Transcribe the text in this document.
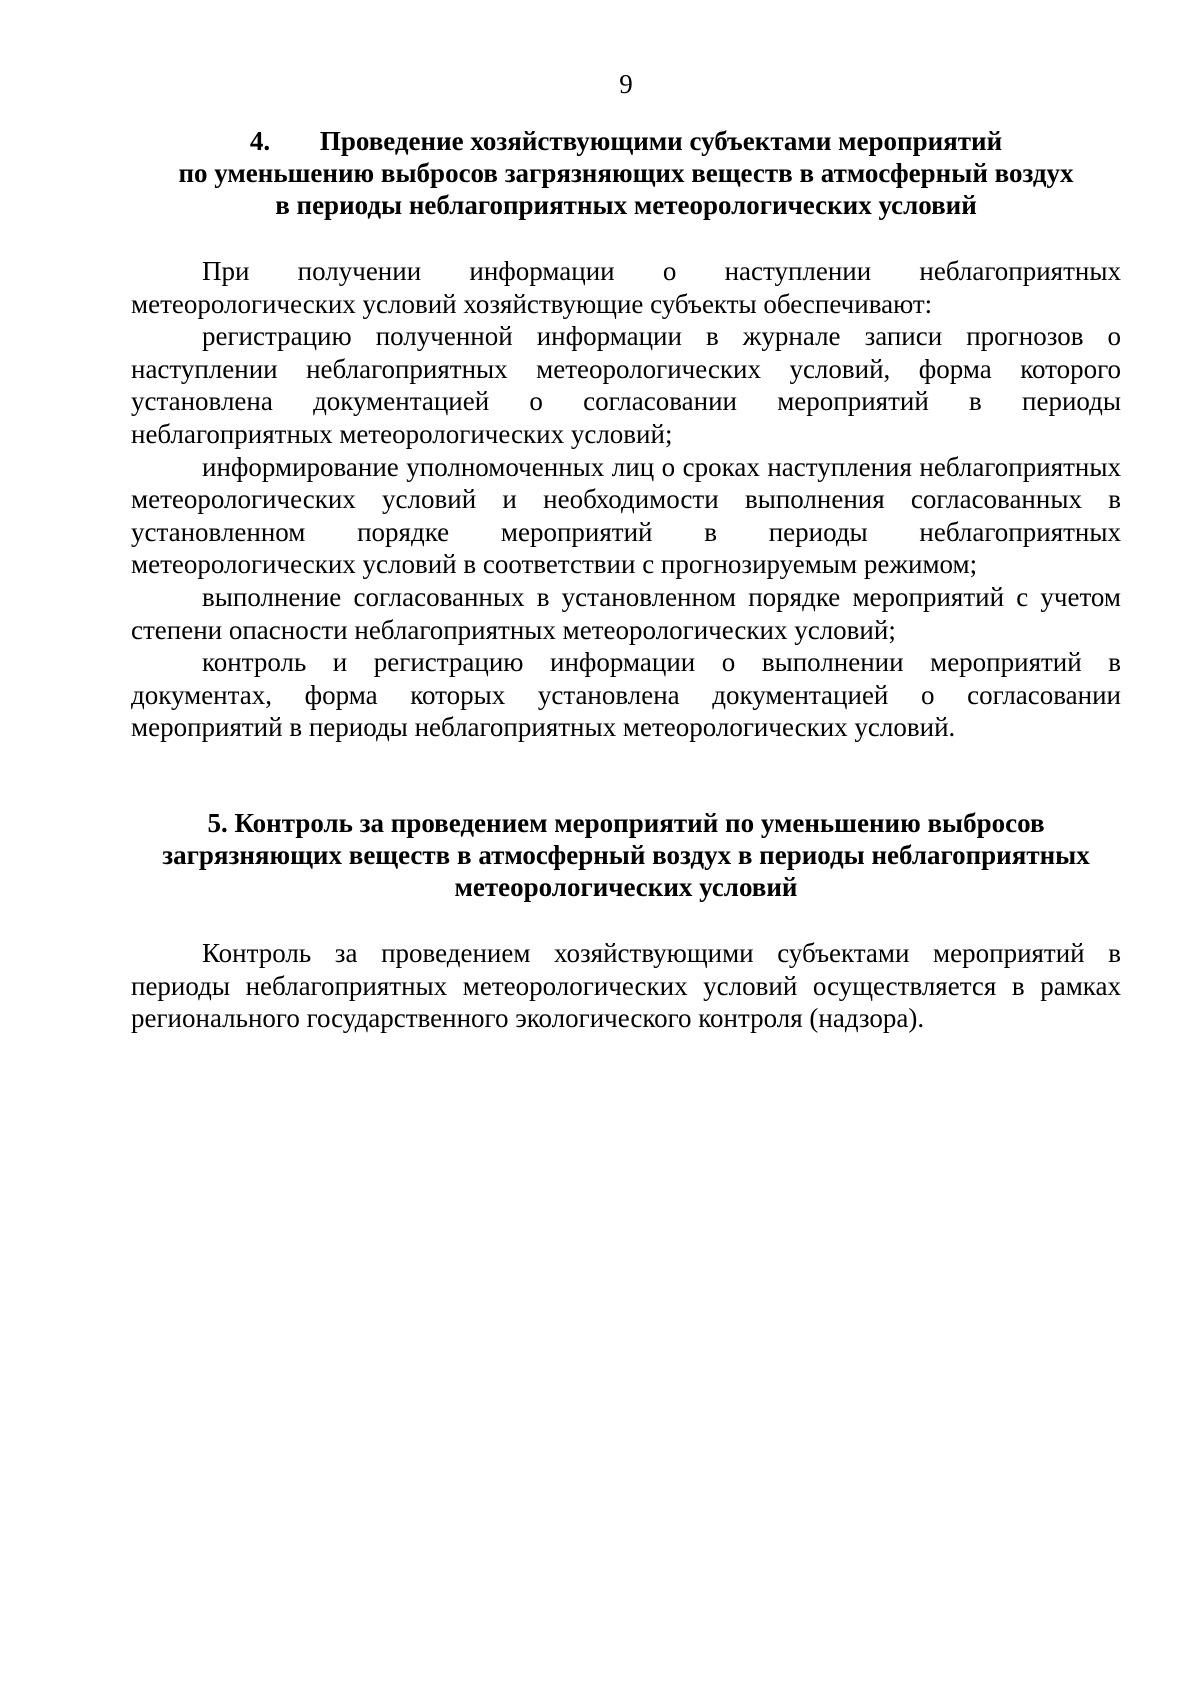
9
4. Проведение хозяйствующими субъектами мероприятий
по уменьшению выбросов загрязняющих веществ в атмосферный воздух
в периоды неблагоприятных метеорологических условий

При получении информации о наступлении неблагоприятных метеорологических условий хозяйствующие субъекты обеспечивают:

регистрацию полученной информации в журнале записи прогнозов о наступлении неблагоприятных метеорологических условий, форма которого установлена документацией о согласовании мероприятий в периоды неблагоприятных метеорологических условий;

информирование уполномоченных лиц о сроках наступления неблагоприятных метеорологических условий и необходимости выполнения согласованных в установленном порядке мероприятий в периоды неблагоприятных метеорологических условий в соответствии с прогнозируемым режимом;

выполнение согласованных в установленном порядке мероприятий с учетом степени опасности неблагоприятных метеорологических условий;

контроль и регистрацию информации о выполнении мероприятий в документах, форма которых установлена документацией о согласовании мероприятий в периоды неблагоприятных метеорологических условий.

5. Контроль за проведением мероприятий по уменьшению выбросов
загрязняющих веществ в атмосферный воздух в периоды неблагоприятных
метеорологических условий

Контроль за проведением хозяйствующими субъектами мероприятий в периоды неблагоприятных метеорологических условий осуществляется в рамках регионального государственного экологического контроля (надзора).
